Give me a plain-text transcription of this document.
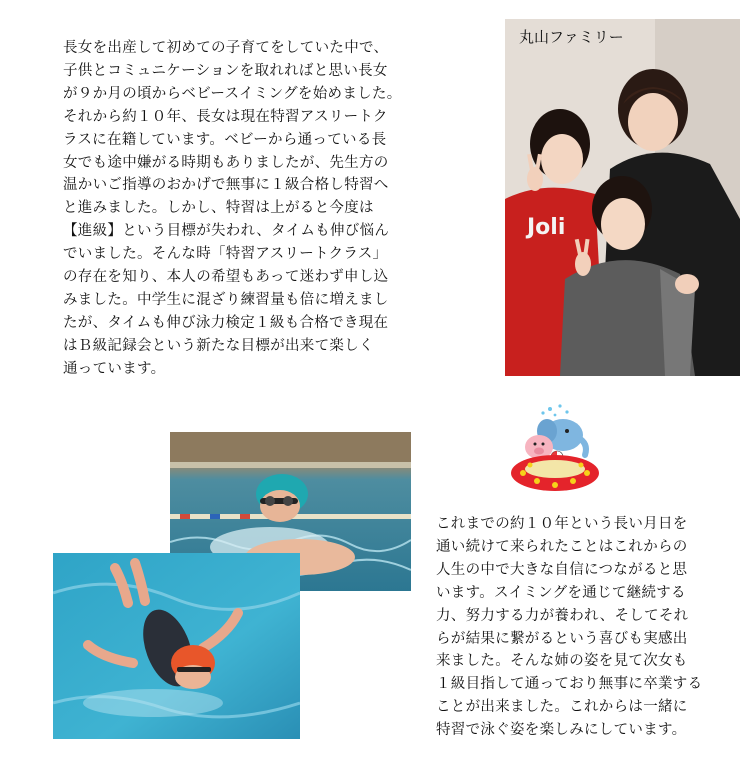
長女を出産して初めての子育てをしていた中で、
子供とコミュニケーションを取れればと思い長女
が９か月の頃からベビースイミングを始めました。
それから約１０年、長女は現在特習アスリートク
ラスに在籍しています。ベビーから通っている長
女でも途中嫌がる時期もありましたが、先生方の
温かいご指導のおかげで無事に１級合格し特習へ
と進みました。しかし、特習は上がると今度は
【進級】という目標が失われ、タイムも伸び悩ん
でいました。そんな時「特習アスリートクラス」
の存在を知り、本人の希望もあって迷わず申し込
みました。中学生に混ざり練習量も倍に増えまし
たが、タイムも伸び泳力検定１級も合格でき現在
はＢ級記録会という新たな目標が出来て楽しく
通っています。
丸山ファミリー
Joli
これまでの約１０年という長い月日を
通い続けて来られたことはこれからの
人生の中で大きな自信につながると思
います。スイミングを通じて継続する
力、努力する力が養われ、そしてそれ
らが結果に繋がるという喜びも実感出
来ました。そんな姉の姿を見て次女も
１級目指して通っており無事に卒業する
ことが出来ました。これからは一緒に
特習で泳ぐ姿を楽しみにしています。
